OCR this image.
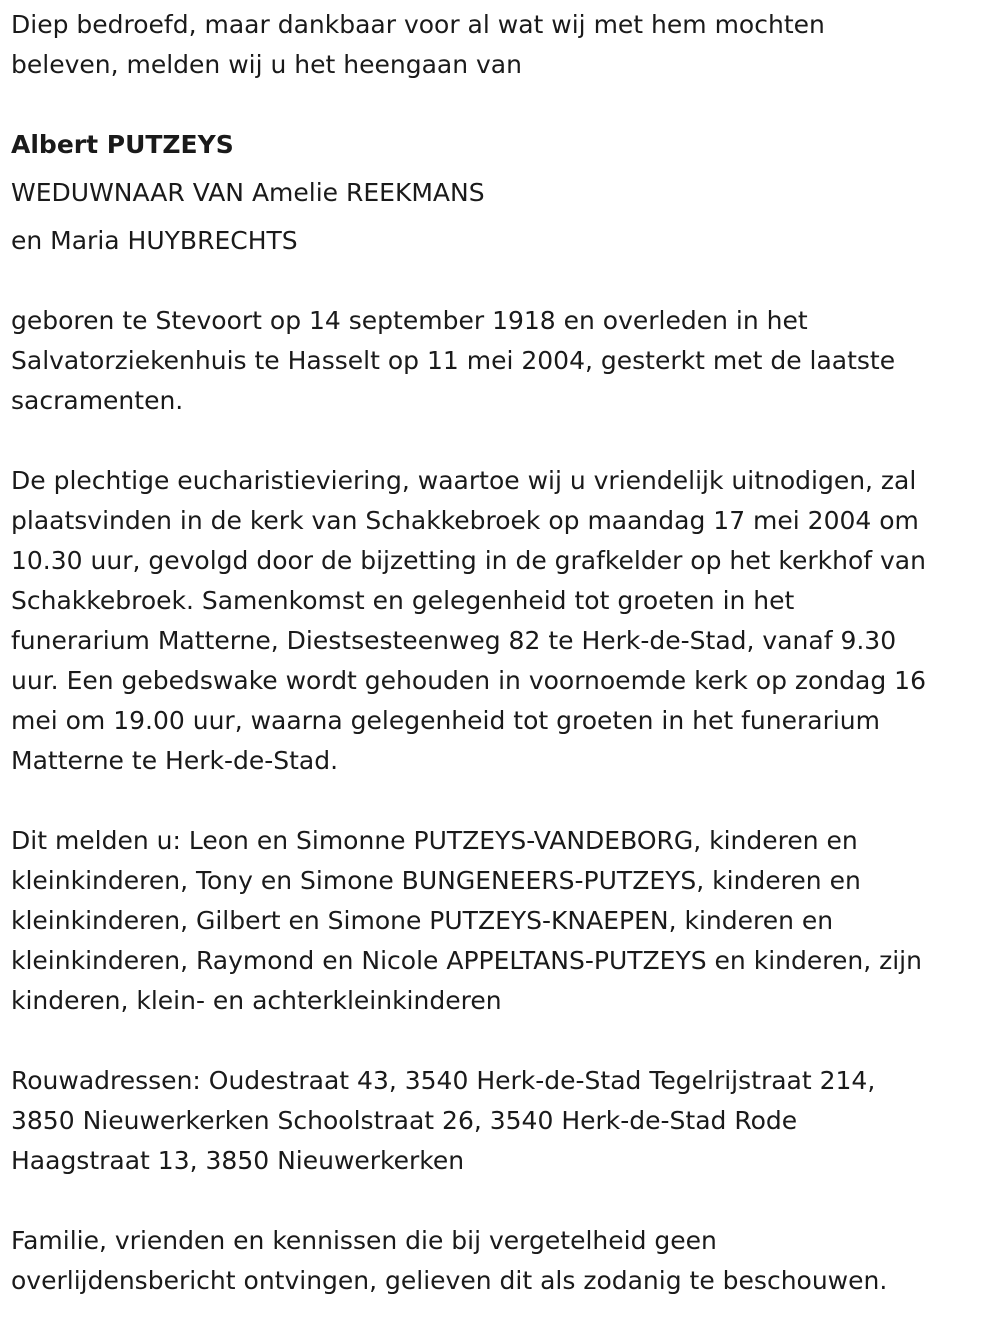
Diep bedroefd, maar dankbaar voor al wat wij met hem mochten
beleven, melden wij u het heengaan van

Albert PUTZEYS

WEDUWNAAR VAN Amelie REEKMANS

en Maria HUYBRECHTS

geboren te Stevoort op 14 september 1918 en overleden in het
Salvatorziekenhuis te Hasselt op 11 mei 2004, gesterkt met de laatste
sacramenten.

De plechtige eucharistieviering, waartoe wij u vriendelijk uitnodigen, zal
plaatsvinden in de kerk van Schakkebroek op maandag 17 mei 2004 om
10.30 uur, gevolgd door de bijzetting in de grafkelder op het kerkhof van
Schakkebroek. Samenkomst en gelegenheid tot groeten in het
funerarium Matterne, Diestsesteenweg 82 te Herk-de-Stad, vanaf 9.30
uur. Een gebedswake wordt gehouden in voornoemde kerk op zondag 16
mei om 19.00 uur, waarna gelegenheid tot groeten in het funerarium
Matterne te Herk-de-Stad.

Dit melden u: Leon en Simonne PUTZEYS-VANDEBORG, kinderen en
kleinkinderen, Tony en Simone BUNGENEERS-PUTZEYS, kinderen en
kleinkinderen, Gilbert en Simone PUTZEYS-KNAEPEN, kinderen en
kleinkinderen, Raymond en Nicole APPELTANS-PUTZEYS en kinderen, zijn
kinderen, klein- en achterkleinkinderen

Rouwadressen: Oudestraat 43, 3540 Herk-de-Stad Tegelrijstraat 214,
3850 Nieuwerkerken Schoolstraat 26, 3540 Herk-de-Stad Rode
Haagstraat 13, 3850 Nieuwerkerken

Familie, vrienden en kennissen die bij vergetelheid geen
overlijdensbericht ontvingen, gelieven dit als zodanig te beschouwen.
